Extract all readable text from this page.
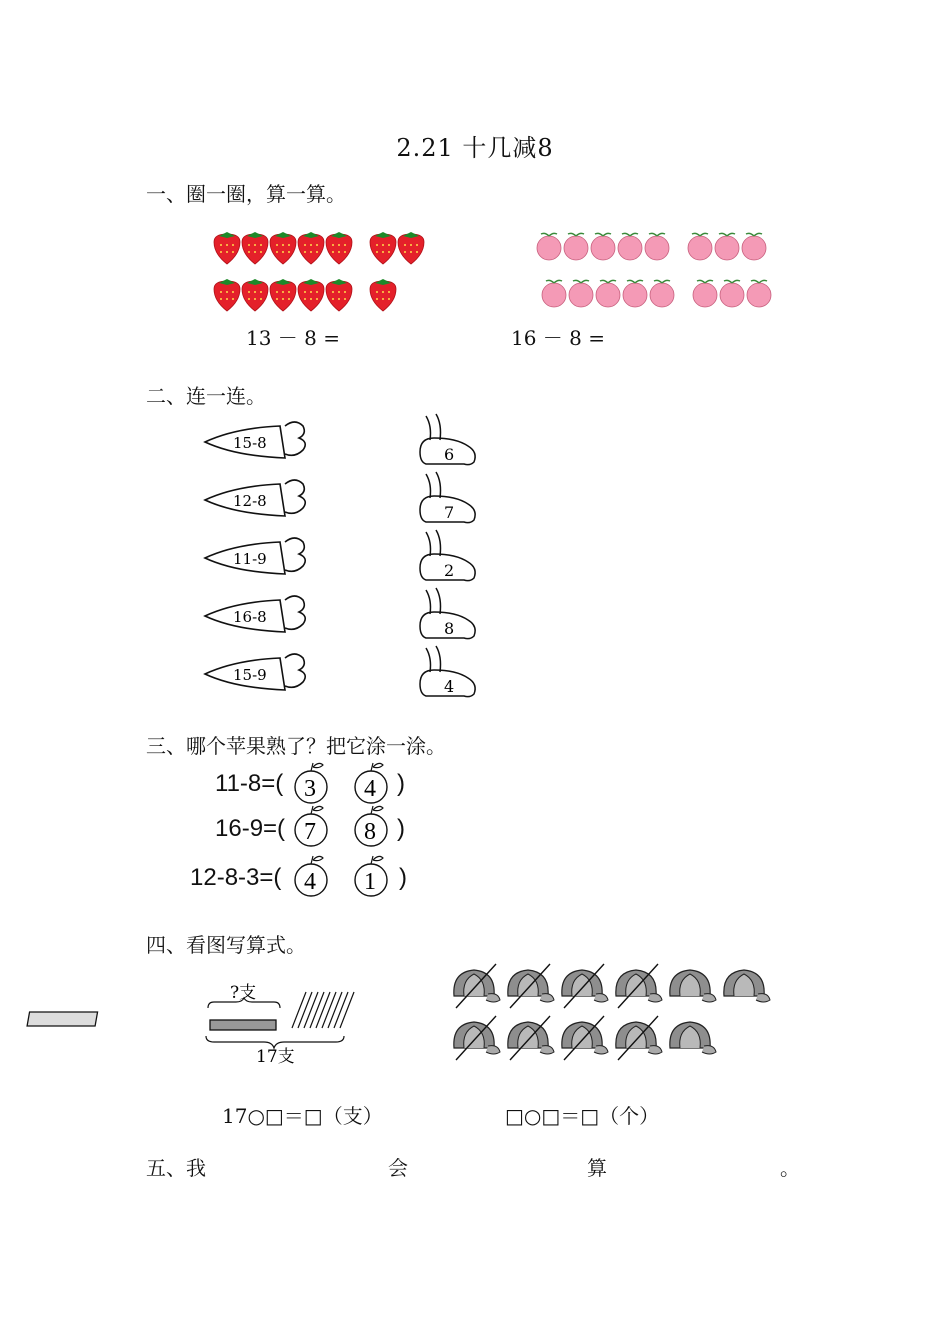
2.21 十几减8
一、圈一圈，算一算。
13 － 8 =	16 － 8 =
二、连一连。
15-8
12-8
11-9
16-8
15-9
6
7
2
8
4
三、哪个苹果熟了？把它涂一涂。
11-8=(
16-9=(
12-8-3=(
)
)
)
3 4
7 8
4 1
四、看图写算式。
?支
17支
17○□＝□（支）	□○□＝□（个）
五、我	会	算	。
